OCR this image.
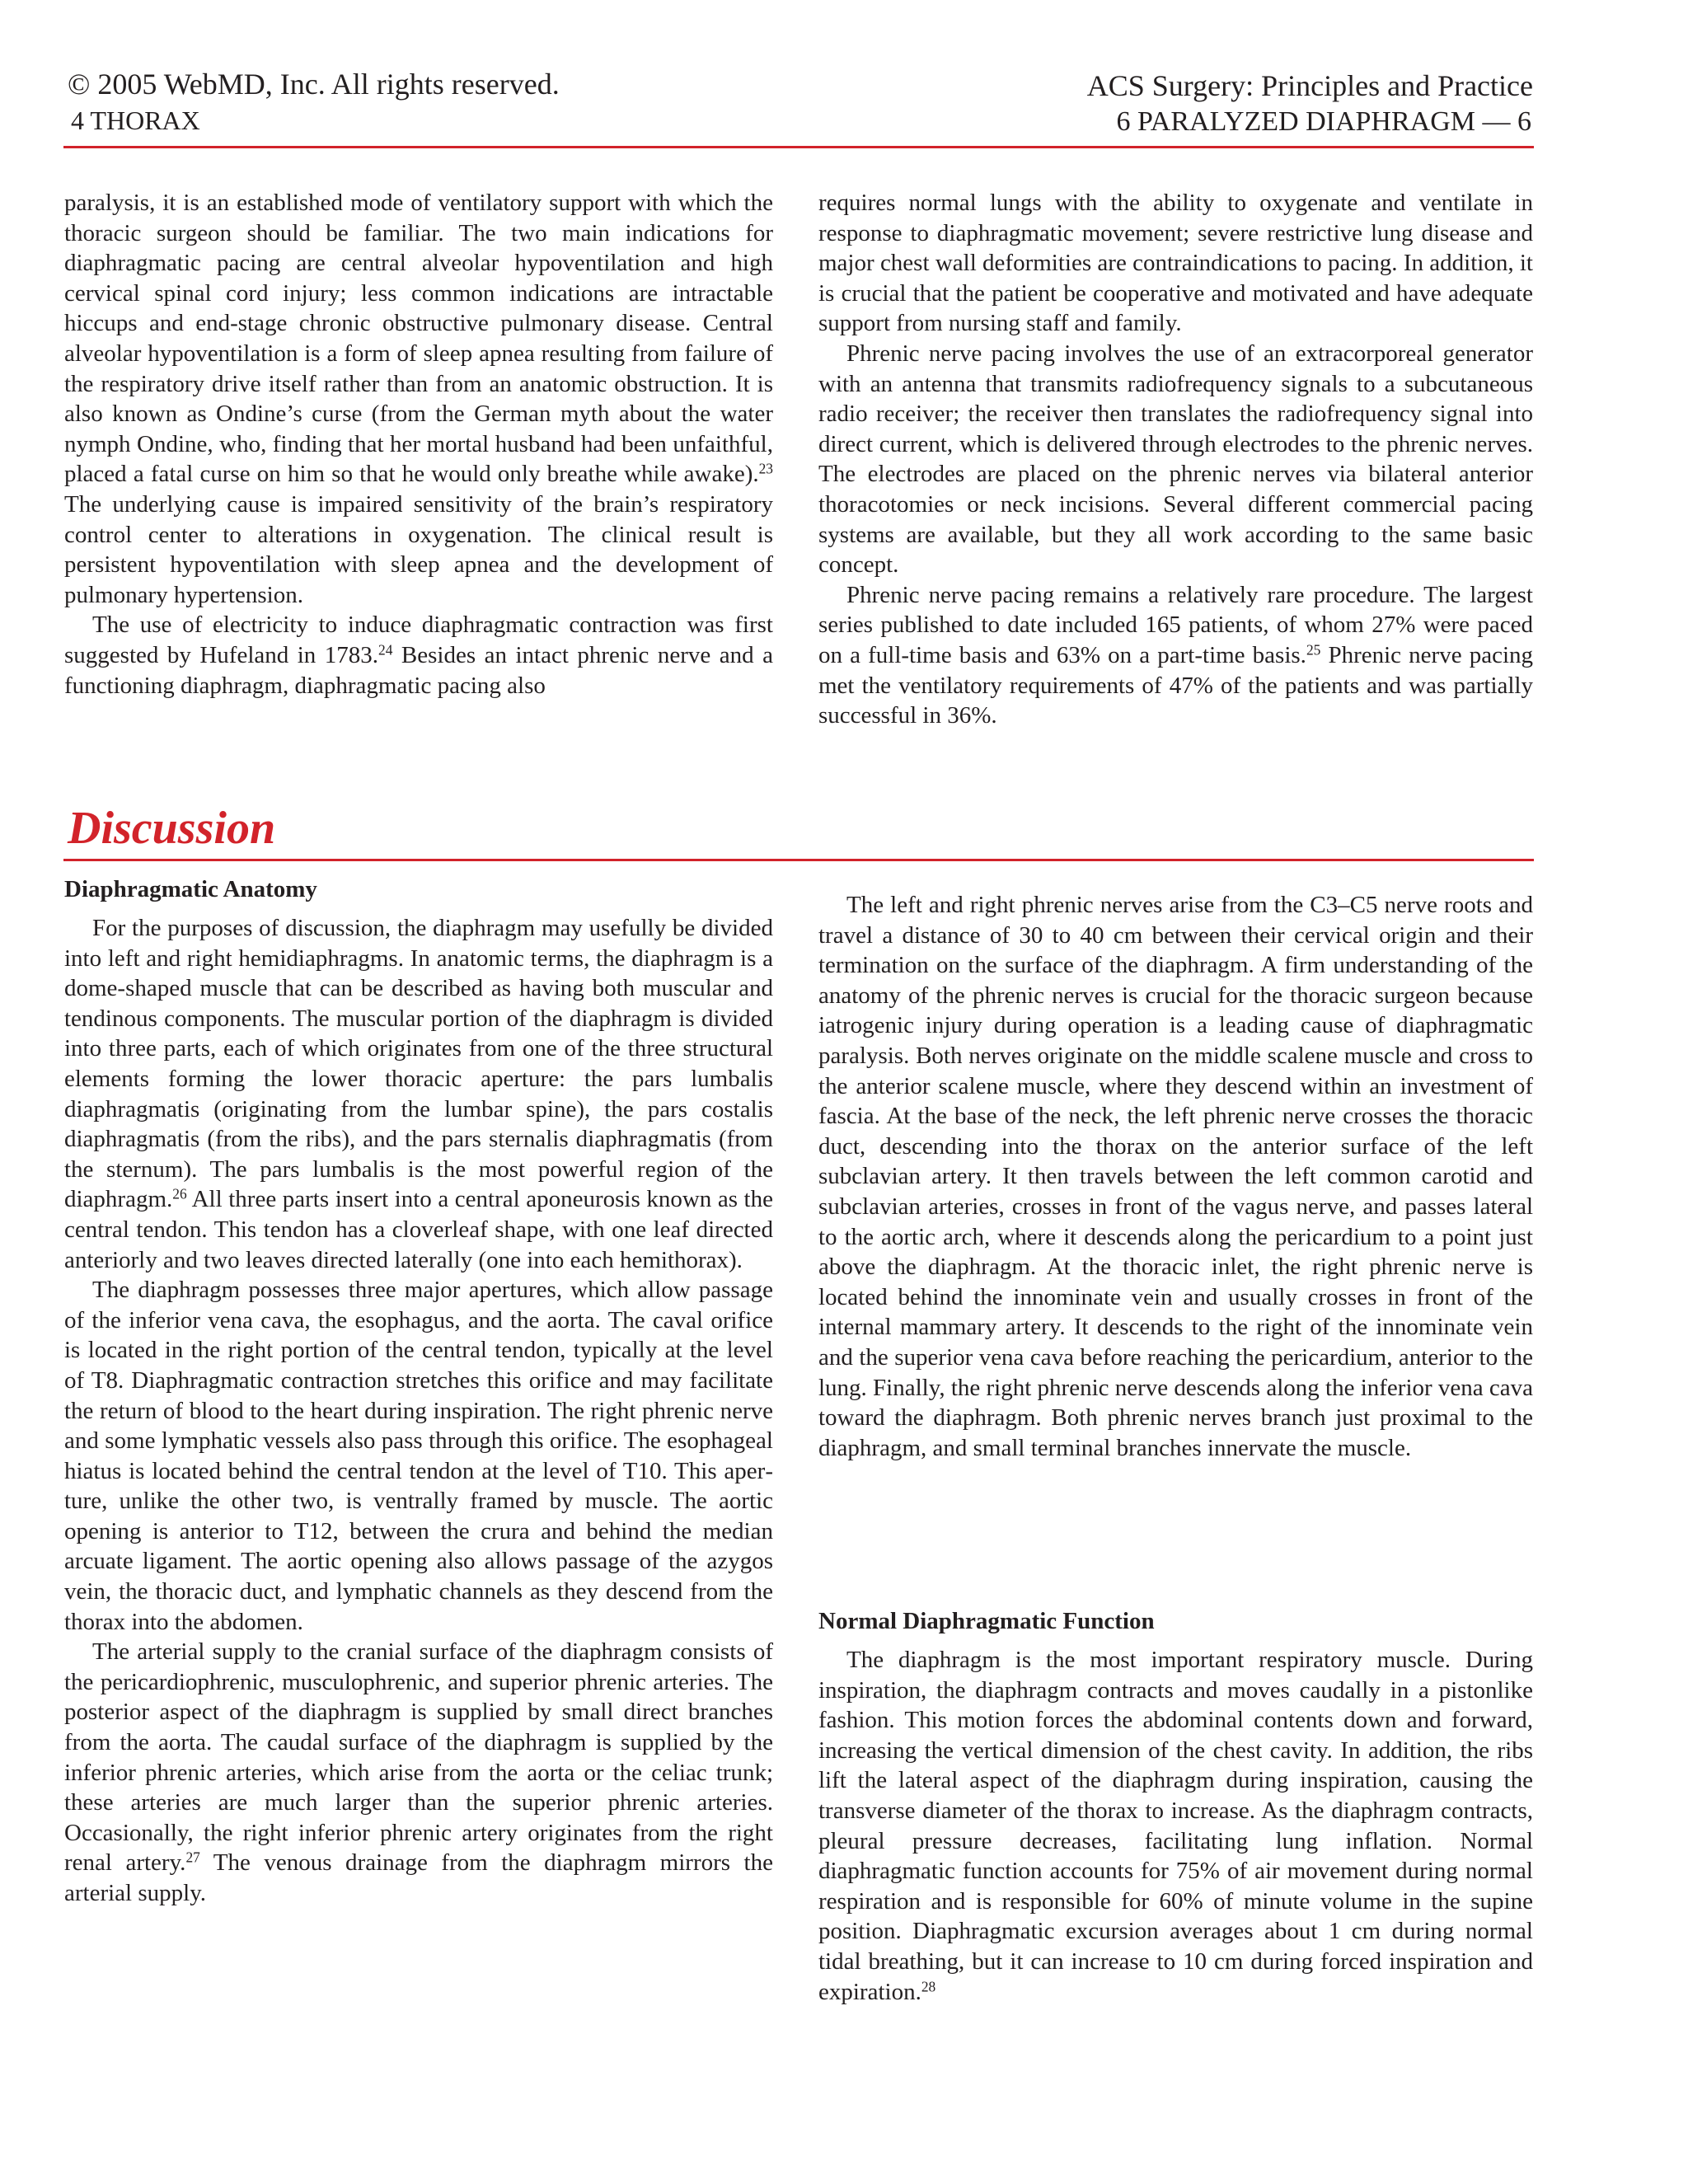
© 2005 WebMD, Inc. All rights reserved.
4 THORAX
ACS Surgery: Principles and Practice
6 PARALYZED DIAPHRAGM — 6

paralysis, it is an established mode of ventilatory support with which the thoracic surgeon should be familiar. The two main indications for diaphragmatic pacing are central alveolar hypoventilation and high cervical spinal cord injury; less common indications are intractable hiccups and end-stage chronic obstructive pulmonary disease. Central alveolar hypoventilation is a form of sleep apnea resulting from failure of the respiratory drive itself rather than from an anatomic obstruction. It is also known as Ondine’s curse (from the German myth about the water nymph Ondine, who, finding that her mortal husband had been unfaithful, placed a fatal curse on him so that he would only breathe while awake).$^{23}$ The underlying cause is impaired sensitivity of the brain’s respiratory control center to alterations in oxygenation. The clinical result is persistent hypoventilation with sleep apnea and the development of pulmonary hypertension.

The use of electricity to induce diaphragmatic contraction was first suggested by Hufeland in 1783.24 Besides an intact phrenic nerve and a functioning diaphragm, diaphragmatic pacing also

requires normal lungs with the ability to oxygenate and ventilate in response to diaphragmatic movement; severe restrictive lung disease and major chest wall deformities are contraindications to pacing. In addition, it is crucial that the patient be cooperative and motivated and have adequate support from nursing staff and family.

Phrenic nerve pacing involves the use of an extracorporeal generator with an antenna that transmits radiofrequency signals to a subcutaneous radio receiver; the receiver then translates the radiofrequency signal into direct current, which is delivered through electrodes to the phrenic nerves. The electrodes are placed on the phrenic nerves via bilateral anterior thoracotomies or neck incisions. Several different commercial pacing systems are available, but they all work according to the same basic concept.

Phrenic nerve pacing remains a relatively rare procedure. The largest series published to date included 165 patients, of whom 27% were paced on a full-time basis and 63% on a part-time basis.$^{25}$ Phrenic nerve pacing met the ventilatory requirements of 47% of the patients and was partially successful in 36%.

Discussion
Diaphragmatic Anatomy

For the purposes of discussion, the diaphragm may usefully be divided into left and right hemidiaphragms. In anatomic terms, the diaphragm is a dome-shaped muscle that can be described as having both muscular and tendinous components. The muscular portion of the diaphragm is divided into three parts, each of which originates from one of the three structural elements forming the lower thoracic aperture: the pars lumbalis diaphragmatis (originating from the lumbar spine), the pars costalis diaphragmatis (from the ribs), and the pars sternalis diaphragmatis (from the sternum). The pars lumbalis is the most powerful region of the diaphragm.$^{26}$ All three parts insert into a central aponeurosis known as the central tendon. This tendon has a cloverleaf shape, with one leaf directed anteriorly and two leaves directed laterally (one into each hemithorax).

The diaphragm possesses three major apertures, which allow passage of the inferior vena cava, the esophagus, and the aorta. The caval orifice is located in the right portion of the central tendon, typically at the level of T8. Diaphragmatic contraction stretches this orifice and may facilitate the return of blood to the heart during inspiration. The right phrenic nerve and some lymphatic vessels also pass through this orifice. The esophageal hiatus is located behind the central tendon at the level of T10. This aperture, unlike the other two, is ventrally framed by muscle. The aortic opening is anterior to T12, between the crura and behind the median arcuate ligament. The aortic opening also allows passage of the azygos vein, the thoracic duct, and lymphatic channels as they descend from the thorax into the abdomen.

The arterial supply to the cranial surface of the diaphragm consists of the pericardiophrenic, musculophrenic, and superior phrenic arteries. The posterior aspect of the diaphragm is supplied by small direct branches from the aorta. The caudal surface of the diaphragm is supplied by the inferior phrenic arteries, which arise from the aorta or the celiac trunk; these arteries are much larger than the superior phrenic arteries. Occasionally, the right inferior phrenic artery originates from the right renal artery.$^{27}$ The venous drainage from the diaphragm mirrors the arterial supply.

The left and right phrenic nerves arise from the C3–C5 nerve roots and travel a distance of 30 to 40 cm between their cervical origin and their termination on the surface of the diaphragm. A firm understanding of the anatomy of the phrenic nerves is crucial for the thoracic surgeon because iatrogenic injury during operation is a leading cause of diaphragmatic paralysis. Both nerves originate on the middle scalene muscle and cross to the anterior scalene muscle, where they descend within an investment of fascia. At the base of the neck, the left phrenic nerve crosses the thoracic duct, descending into the thorax on the anterior surface of the left subclavian artery. It then travels between the left common carotid and subclavian arteries, crosses in front of the vagus nerve, and passes lateral to the aortic arch, where it descends along the pericardium to a point just above the diaphragm. At the thoracic inlet, the right phrenic nerve is located behind the innominate vein and usually crosses in front of the internal mammary artery. It descends to the right of the innominate vein and the superior vena cava before reaching the pericardium, anterior to the lung. Finally, the right phrenic nerve descends along the inferior vena cava toward the diaphragm. Both phrenic nerves branch just proximal to the diaphragm, and small terminal branches innervate the muscle.

Normal Diaphragmatic Function

The diaphragm is the most important respiratory muscle. During inspiration, the diaphragm contracts and moves caudally in a pistonlike fashion. This motion forces the abdominal contents down and forward, increasing the vertical dimension of the chest cavity. In addition, the ribs lift the lateral aspect of the diaphragm during inspiration, causing the transverse diameter of the thorax to increase. As the diaphragm contracts, pleural pressure decreases, facilitating lung inflation. Normal diaphragmatic function accounts for 75% of air movement during normal respiration and is responsible for 60% of minute volume in the supine position. Diaphragmatic excursion averages about 1 cm during normal tidal breathing, but it can increase to 10 cm during forced inspiration and expiration.$^{28}$
